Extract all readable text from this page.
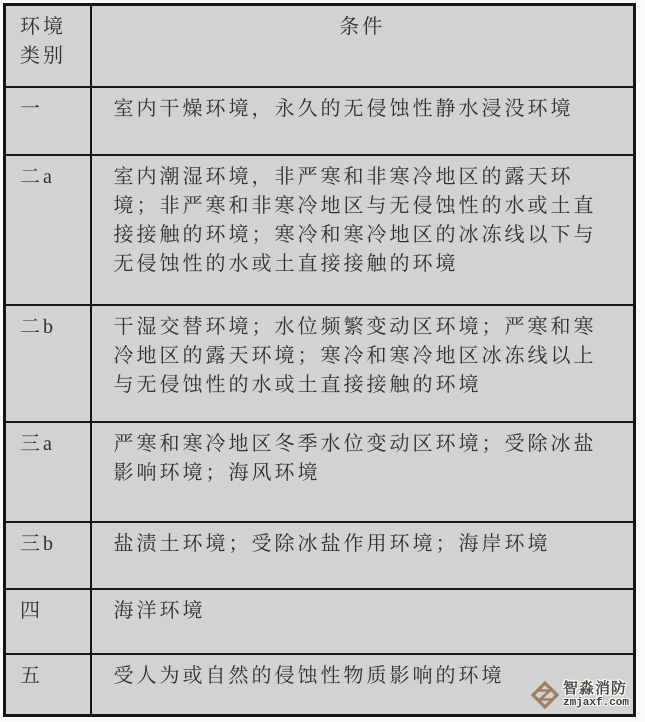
环境类别	条件
一	室内干燥环境，永久的无侵蚀性静水浸没环境
二a	室内潮湿环境，非严寒和非寒冷地区的露天环境；非严寒和非寒冷地区与无侵蚀性的水或土直接接触的环境；寒冷和寒冷地区的冰冻线以下与无侵蚀性的水或土直接接触的环境
二b	干湿交替环境；水位频繁变动区环境；严寒和寒冷地区的露天环境；寒冷和寒冷地区冰冻线以上与无侵蚀性的水或土直接接触的环境
三a	严寒和寒冷地区冬季水位变动区环境；受除冰盐影响环境；海风环境
三b	盐渍土环境；受除冰盐作用环境；海岸环境
四	海洋环境
五	受人为或自然的侵蚀性物质影响的环境
智淼消防
zmjaxf.com
